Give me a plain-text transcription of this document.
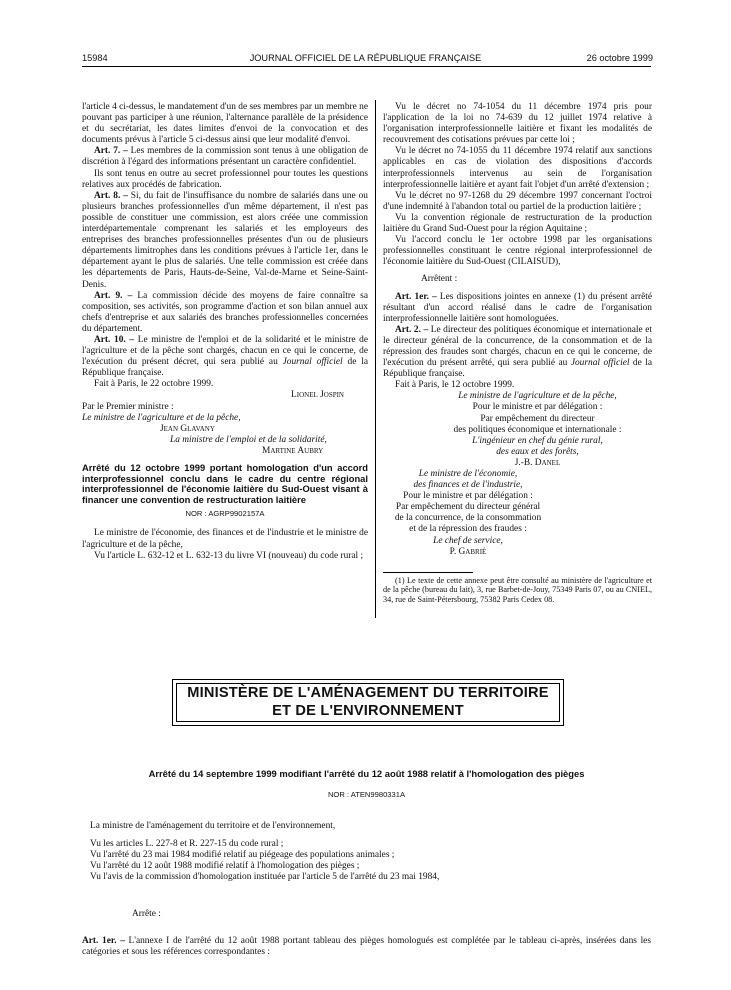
15984	JOURNAL OFFICIEL DE LA RÉPUBLIQUE FRANÇAISE	26 octobre 1999

l'article 4 ci-dessus, le mandatement d'un de ses membres par un membre ne pouvant pas participer à une réunion, l'alternance parallèle de la présidence et du secrétariat, les dates limites d'envoi de la convocation et des documents prévus à l'article 5 ci-dessus ainsi que leur modalité d'envoi.

Art. 7. – Les membres de la commission sont tenus à une obligation de discrétion à l'égard des informations présentant un caractère confidentiel.

Ils sont tenus en outre au secret professionnel pour toutes les questions relatives aux procédés de fabrication.

Art. 8. – Si, du fait de l'insuffisance du nombre de salariés dans une ou plusieurs branches professionnelles d'un même département, il n'est pas possible de constituer une commission, est alors créée une commission interdépartementale comprenant les salariés et les employeurs des entreprises des branches professionnelles présentes d'un ou de plusieurs départements limitrophes dans les conditions prévues à l'article 1er, dans le département ayant le plus de salariés. Une telle commission est créée dans les départements de Paris, Hauts-de-Seine, Val-de-Marne et Seine-Saint-Denis.

Art. 9. – La commission décide des moyens de faire connaître sa composition, ses activités, son programme d'action et son bilan annuel aux chefs d'entreprise et aux salariés des branches professionnelles concernées du département.

Art. 10. – Le ministre de l'emploi et de la solidarité et le ministre de l'agriculture et de la pêche sont chargés, chacun en ce qui le concerne, de l'exécution du présent décret, qui sera publié au Journal officiel de la République française.

Fait à Paris, le 22 octobre 1999.

Lionel Jospin

Par le Premier ministre :

Le ministre de l'agriculture et de la pêche,

Jean Glavany

La ministre de l'emploi et de la solidarité,

Martine Aubry

Arrêté du 12 octobre 1999 portant homologation d'un accord interprofessionnel conclu dans le cadre du centre régional interprofessionnel de l'économie laitière du Sud-Ouest visant à financer une convention de restructuration laitière

NOR : AGRP9902157A

Le ministre de l'économie, des finances et de l'industrie et le ministre de l'agriculture et de la pêche,

Vu l'article L. 632-12 et L. 632-13 du livre VI (nouveau) du code rural ;

Vu le décret no 74-1054 du 11 décembre 1974 pris pour l'application de la loi no 74-639 du 12 juillet 1974 relative à l'organisation interprofessionnelle laitière et fixant les modalités de recouvrement des cotisations prévues par cette loi ;

Vu le décret no 74-1055 du 11 décembre 1974 relatif aux sanctions applicables en cas de violation des dispositions d'accords interprofessionnels intervenus au sein de l'organisation interprofessionnelle laitière et ayant fait l'objet d'un arrêté d'extension ;

Vu le décret no 97-1268 du 29 décembre 1997 concernant l'octroi d'une indemnité à l'abandon total ou partiel de la production laitière ;

Vu la convention régionale de restructuration de la production laitière du Grand Sud-Ouest pour la région Aquitaine ;

Vu l'accord conclu le 1er octobre 1998 par les organisations professionnelles constituant le centre régional interprofessionnel de l'économie laitière du Sud-Ouest (CILAISUD),

Arrêtent :

Art. 1er. – Les dispositions jointes en annexe (1) du présent arrêté résultant d'un accord réalisé dans le cadre de l'organisation interprofessionnelle laitière sont homologuées.

Art. 2. – Le directeur des politiques économique et internationale et le directeur général de la concurrence, de la consommation et de la répression des fraudes sont chargés, chacun en ce qui le concerne, de l'exécution du présent arrêté, qui sera publié au Journal officiel de la République française.

Fait à Paris, le 12 octobre 1999.

Le ministre de l'agriculture et de la pêche,

Pour le ministre et par délégation :

Par empêchement du directeur

des politiques économique et internationale :

L'ingénieur en chef du génie rural,

des eaux et des forêts,

J.-B. Danel

Le ministre de l'économie,

des finances et de l'industrie,

Pour le ministre et par délégation :

Par empêchement du directeur général

de la concurrence, de la consommation

et de la répression des fraudes :

Le chef de service,

P. Gabrié

(1) Le texte de cette annexe peut être consulté au ministère de l'agriculture et de la pêche (bureau du lait), 3, rue Barbet-de-Jouy, 75349 Paris 07, ou au CNIEL, 34, rue de Saint-Pétersbourg, 75382 Paris Cedex 08.

MINISTÈRE DE L'AMÉNAGEMENT DU TERRITOIRE
ET DE L'ENVIRONNEMENT
Arrêté du 14 septembre 1999 modifiant l'arrêté du 12 août 1988 relatif à l'homologation des pièges
NOR : ATEN9980331A
La ministre de l'aménagement du territoire et de l'environnement,

Vu les articles L. 227-8 et R. 227-15 du code rural ;

Vu l'arrêté du 23 mai 1984 modifié relatif au piégeage des populations animales ;

Vu l'arrêté du 12 août 1988 modifié relatif à l'homologation des pièges ;

Vu l'avis de la commission d'homologation instituée par l'article 5 de l'arrêté du 23 mai 1984,

Arrête :
Art. 1er. – L'annexe I de l'arrêté du 12 août 1988 portant tableau des pièges homologués est complétée par le tableau ci-après, insérées dans les catégories et sous les références correspondantes :
